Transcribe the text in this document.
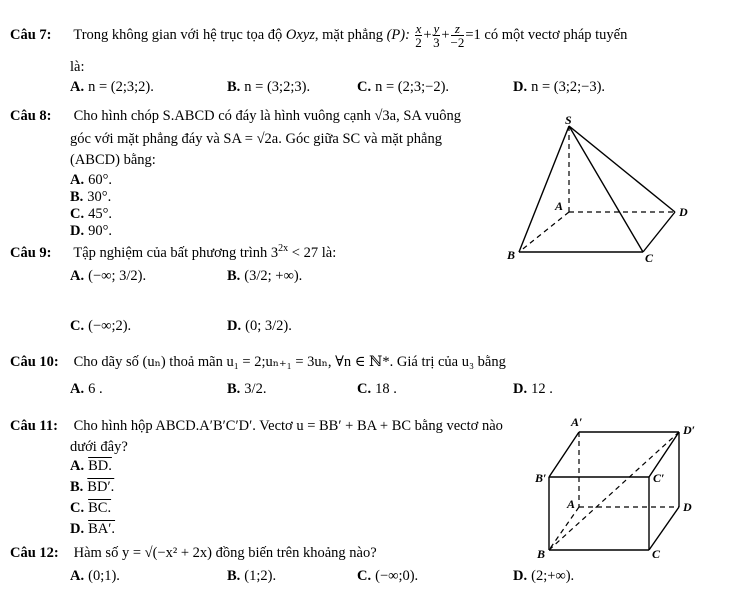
Câu 7: Trong không gian với hệ trục tọa độ Oxyz, mặt phẳng (P): $\frac{x}{2} + \frac{y}{3} + \frac{z}{-2} =1$ có một vectơ pháp tuyến
là:
A. n = (2;3;2).	B. n = (3;2;3).	C. n = (2;3;−2).	D. n = (3;2;−3).
Câu 8: Cho hình chóp S.ABCD có đáy là hình vuông cạnh √3a, SA vuông
góc với mặt phẳng đáy và SA = √2a. Góc giữa SC và mặt phẳng
(ABCD) bằng:
A. 60°.
B. 30°.
C. 45°.
D. 90°.
S
A	D
B	C
Câu 9: Tập nghiệm của bất phương trình $3^{2x} < 27$ là:
A. (−∞; 3/2).	B. (3/2; +∞).
C. (−∞;2).	D. (0; 3/2).
Câu 10: Cho dãy số (uₙ) thoả mãn u₁ = 2;uₙ₊₁ = 3uₙ, ∀n ∈ ℕ*. Giá trị của u₃ bằng
A. 6 .	B. 3/2.	C. 18 .	D. 12 .
Câu 11: Cho hình hộp ABCD.A′B′C′D′. Vectơ u = BB′ + BA + BC bằng vectơ nào
dưới đây?
A. BD.
B. BD′.
C. BC.
D. BA′.
A′
D′
B′	C′
A	D
B	C
Câu 12: Hàm số y = √(−x² + 2x) đồng biến trên khoảng nào?
A. (0;1).	B. (1;2).	C. (−∞;0).	D. (2;+∞).
